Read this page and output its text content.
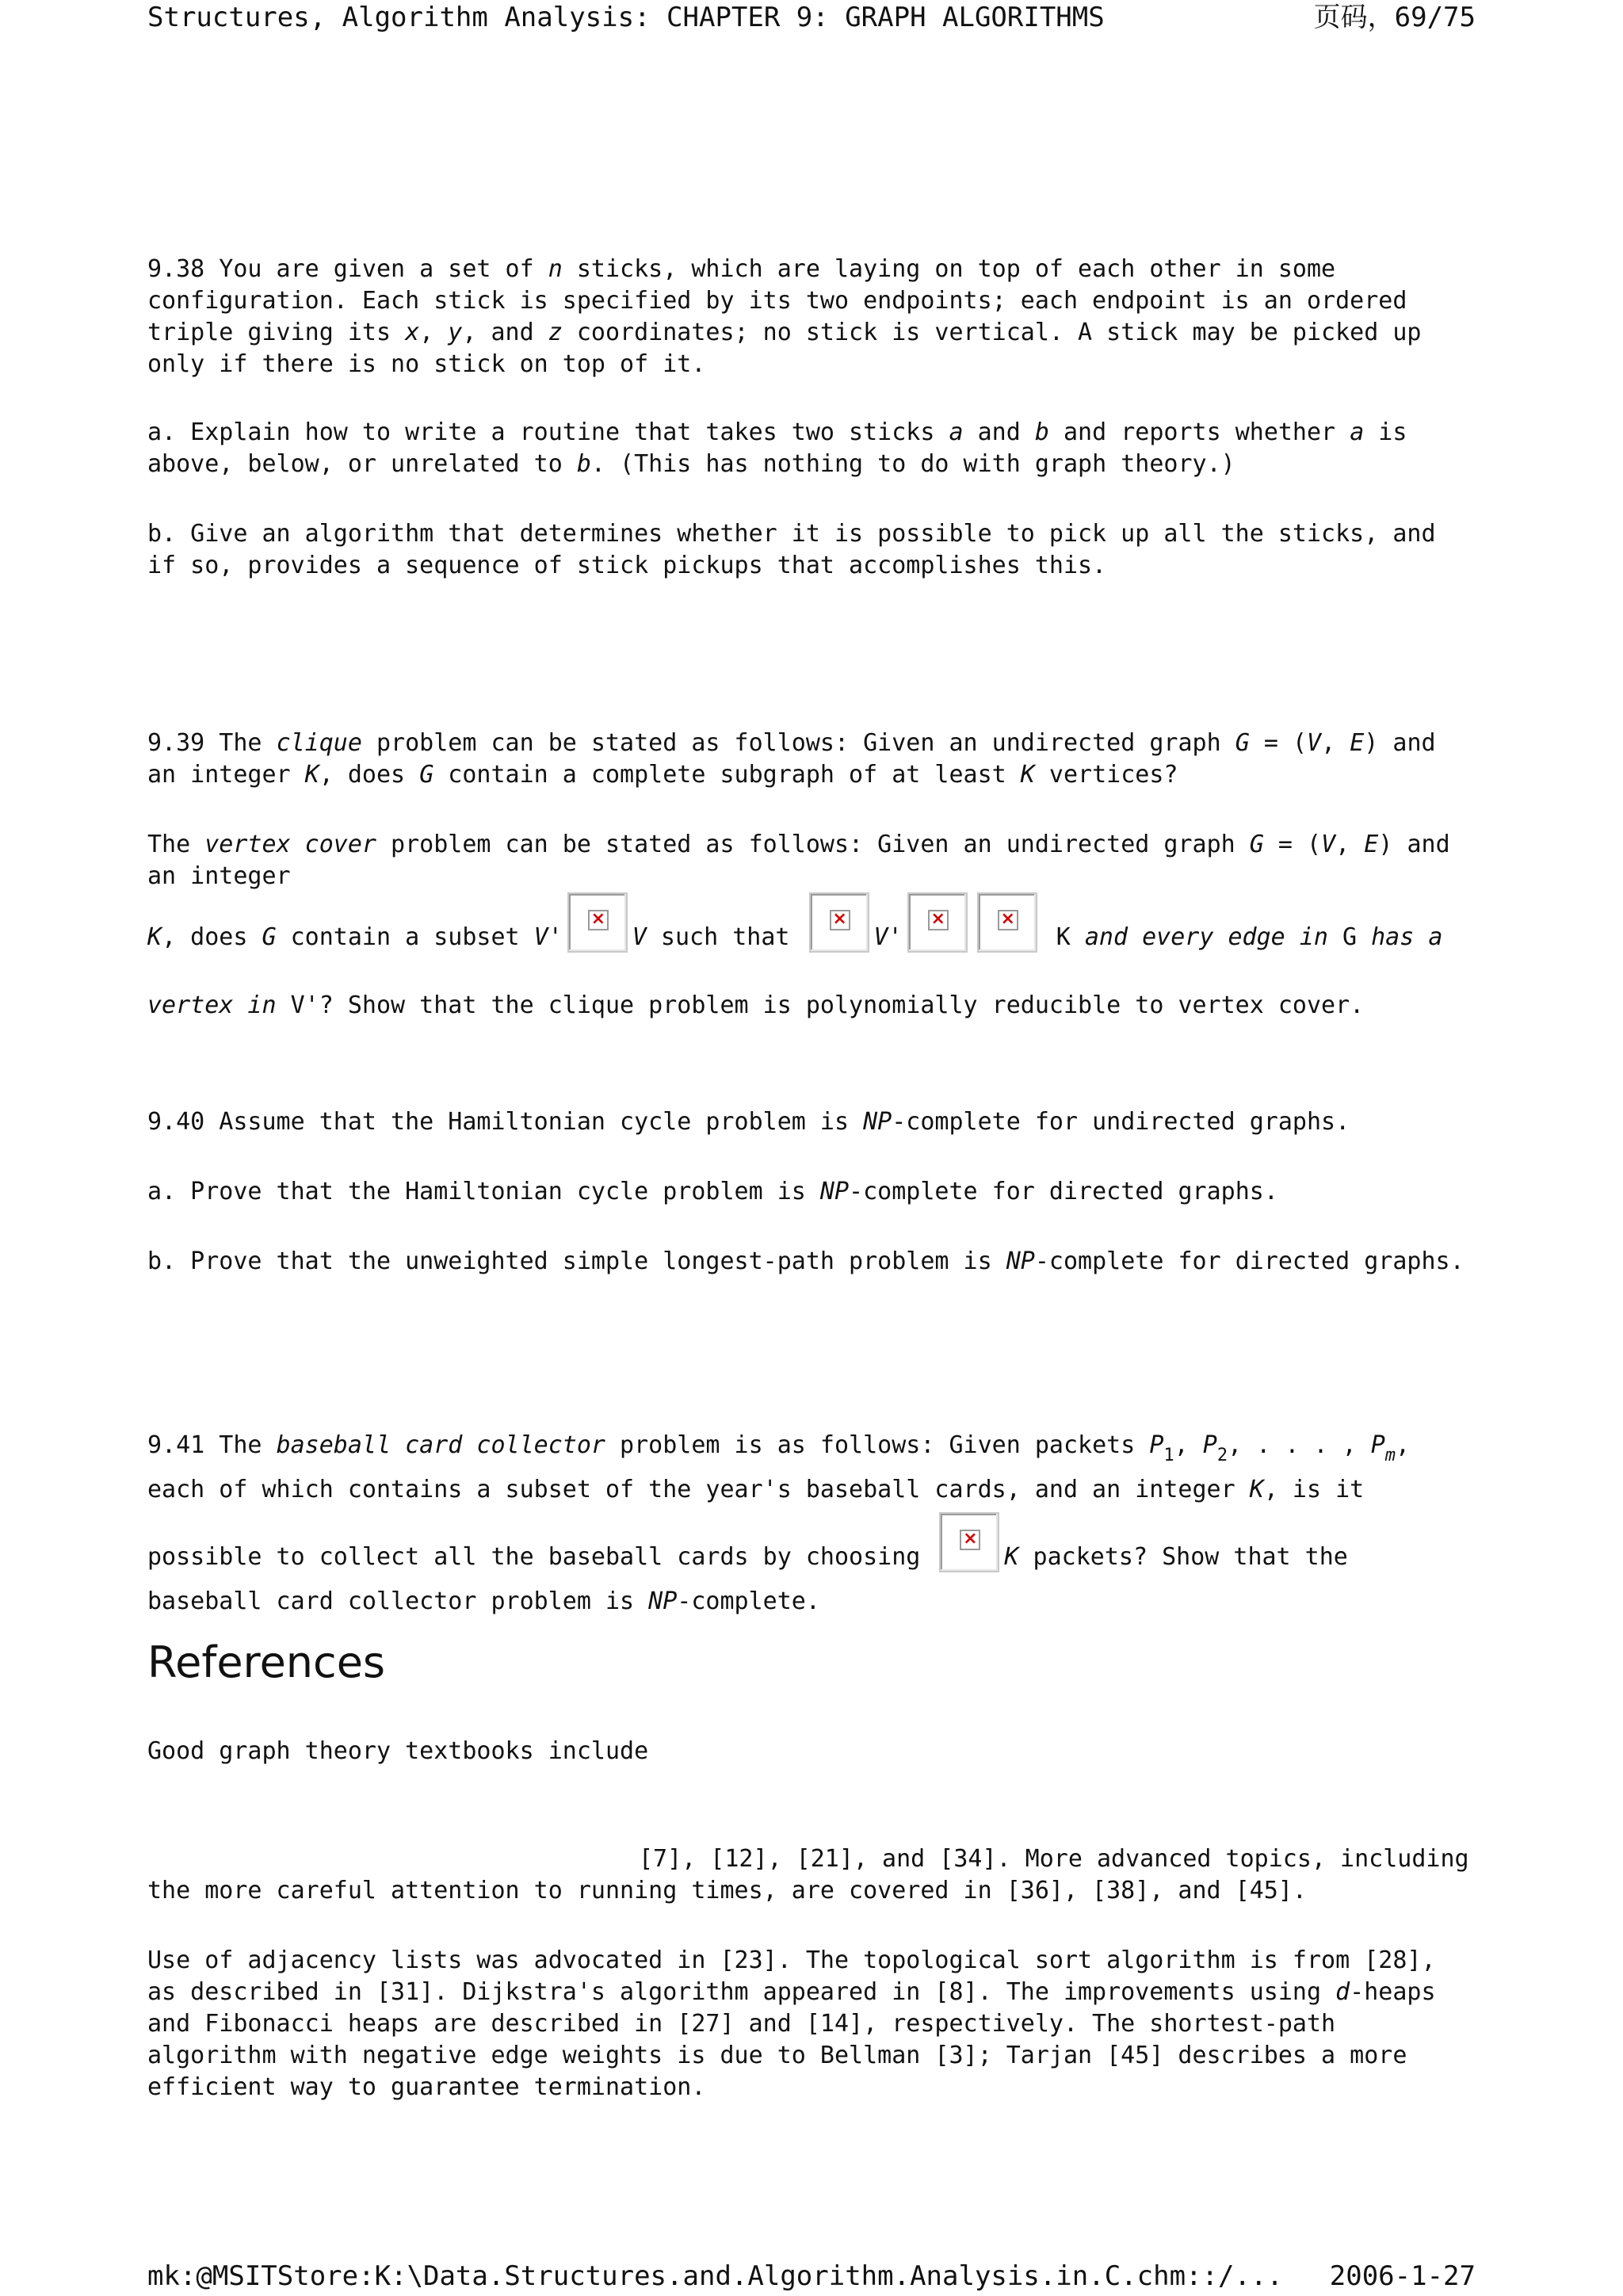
Structures, Algorithm Analysis: CHAPTER 9: GRAPH ALGORITHMS	页码，69/75

9.38 You are given a set of n sticks, which are laying on top of each other in some configuration. Each stick is specified by its two endpoints; each endpoint is an ordered triple giving its x, y, and z coordinates; no stick is vertical. A stick may be picked up only if there is no stick on top of it.

a. Explain how to write a routine that takes two sticks a and b and reports whether a is above, below, or unrelated to b. (This has nothing to do with graph theory.)

b. Give an algorithm that determines whether it is possible to pick up all the sticks, and if so, provides a sequence of stick pickups that accomplishes this.

9.39 The clique problem can be stated as follows: Given an undirected graph G = (V, E) and an integer K, does G contain a complete subgraph of at least K vertices?

The vertex cover problem can be stated as follows: Given an undirected graph G = (V, E) and an integer

K, does G contain a subset V'
×
V such that
×
V'
×	×
K and every edge in G has a vertex in V'? Show that the clique problem is polynomially reducible to vertex cover.

9.40 Assume that the Hamiltonian cycle problem is NP-complete for undirected graphs.

a. Prove that the Hamiltonian cycle problem is NP-complete for directed graphs.

b. Prove that the unweighted simple longest-path problem is NP-complete for directed graphs.

9.41 The baseball card collector problem is as follows: Given packets $P_1$, $P_2$, . . . , $P_m$, each of which contains a subset of the year's baseball cards, and an integer K, is it possible to collect all the baseball cards by choosing
×
K packets? Show that the baseball card collector problem is NP-complete.

References

Good graph theory textbooks include

[7], [12], [21], and [34]. More advanced topics, including the more careful attention to running times, are covered in [36], [38], and [45].

Use of adjacency lists was advocated in [23]. The topological sort algorithm is from [28], as described in [31]. Dijkstra's algorithm appeared in [8]. The improvements using d-heaps and Fibonacci heaps are described in [27] and [14], respectively. The shortest-path algorithm with negative edge weights is due to Bellman [3]; Tarjan [45] describes a more efficient way to guarantee termination.

mk:@MSITStore:K:\Data.Structures.and.Algorithm.Analysis.in.C.chm::/... 2006-1-27
